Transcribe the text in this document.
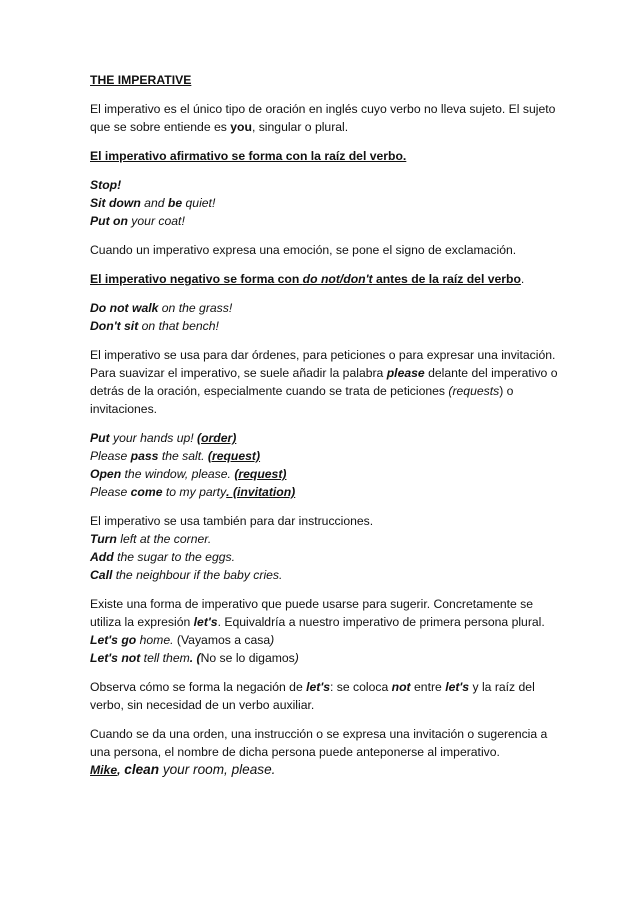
THE IMPERATIVE
El imperativo es el único tipo de oración en inglés cuyo verbo no lleva sujeto. El sujeto
que se sobre entiende es you, singular o plural.
El imperativo afirmativo se forma con la raíz del verbo.
Stop!
Sit down and be quiet!
Put on your coat!
Cuando un imperativo expresa una emoción, se pone el signo de exclamación.
El imperativo negativo se forma con do not/don't antes de la raíz del verbo.
Do not walk on the grass!
Don't sit on that bench!
El imperativo se usa para dar órdenes, para peticiones o para expresar una invitación.
Para suavizar el imperativo, se suele añadir la palabra please delante del imperativo o
detrás de la oración, especialmente cuando se trata de peticiones (requests) o
invitaciones.
Put your hands up! (order)
Please pass the salt. (request)
Open the window, please. (request)
Please come to my party. (invitation)
El imperativo se usa también para dar instrucciones.
Turn left at the corner.
Add the sugar to the eggs.
Call the neighbour if the baby cries.
Existe una forma de imperativo que puede usarse para sugerir. Concretamente se
utiliza la expresión let's. Equivaldría a nuestro imperativo de primera persona plural.
Let's go home. (Vayamos a casa)
Let's not tell them. (No se lo digamos)
Observa cómo se forma la negación de let's: se coloca not entre let's y la raíz del
verbo, sin necesidad de un verbo auxiliar.
Cuando se da una orden, una instrucción o se expresa una invitación o sugerencia a
una persona, el nombre de dicha persona puede anteponerse al imperativo.
Mike, clean your room, please.
